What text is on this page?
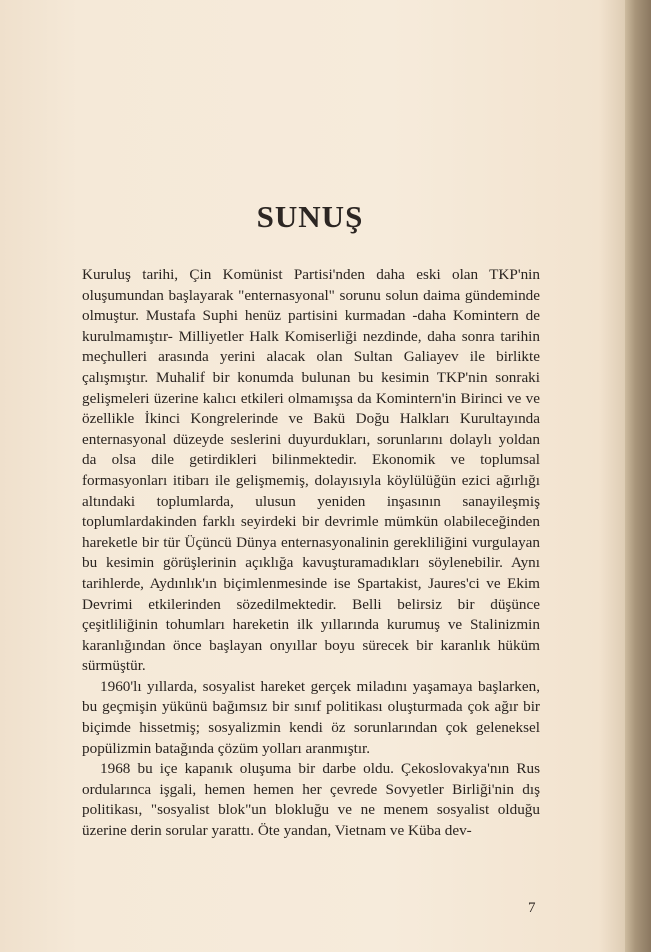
SUNUŞ

Kuruluş tarihi, Çin Komünist Partisi'nden daha eski olan TKP'nin oluşumundan başlayarak "enternasyonal" sorunu solun daima gündeminde olmuştur. Mustafa Suphi henüz partisini kurmadan -daha Komintern de kurulmamıştır- Milliyetler Halk Komiserliği nezdinde, daha sonra tarihin meçhulleri arasında yerini alacak olan Sultan Galiayev ile birlikte çalışmıştır. Muhalif bir konumda bulunan bu kesimin TKP'nin sonraki gelişmeleri üzerine kalıcı etkileri olmamışsa da Komintern'in Birinci ve ve özellikle İkinci Kongrelerinde ve Bakü Doğu Halkları Kurultayında enternasyonal düzeyde seslerini duyurdukları, sorunlarını dolaylı yoldan da olsa dile getirdikleri bilinmektedir. Ekonomik ve toplumsal formasyonları itibarı ile gelişmemiş, dolayısıyla köylülüğün ezici ağırlığı altındaki toplumlarda, ulusun yeniden inşasının sanayileşmiş toplumlardakinden farklı seyirdeki bir devrimle mümkün olabileceğinden hareketle bir tür Üçüncü Dünya enternasyonalinin gerekliliğini vurgulayan bu kesimin görüşlerinin açıklığa kavuşturamadıkları söylenebilir. Aynı tarihlerde, Aydınlık'ın biçimlenmesinde ise Spartakist, Jaures'ci ve Ekim Devrimi etkilerinden sözedilmektedir. Belli belirsiz bir düşünce çeşitliliğinin tohumları hareketin ilk yıllarında kurumuş ve Stalinizmin karanlığından önce başlayan onyıllar boyu sürecek bir karanlık hüküm sürmüştür.

1960'lı yıllarda, sosyalist hareket gerçek miladını yaşamaya başlarken, bu geçmişin yükünü bağımsız bir sınıf politikası oluşturmada çok ağır bir biçimde hissetmiş; sosyalizmin kendi öz sorunlarından çok geleneksel popülizmin batağında çözüm yolları aranmıştır.

1968 bu içe kapanık oluşuma bir darbe oldu. Çekoslovakya'nın Rus ordularınca işgali, hemen hemen her çevrede Sovyetler Birliği'nin dış politikası, "sosyalist blok"un blokluğu ve ne menem sosyalist olduğu üzerine derin sorular yarattı. Öte yandan, Vietnam ve Küba dev-

7
